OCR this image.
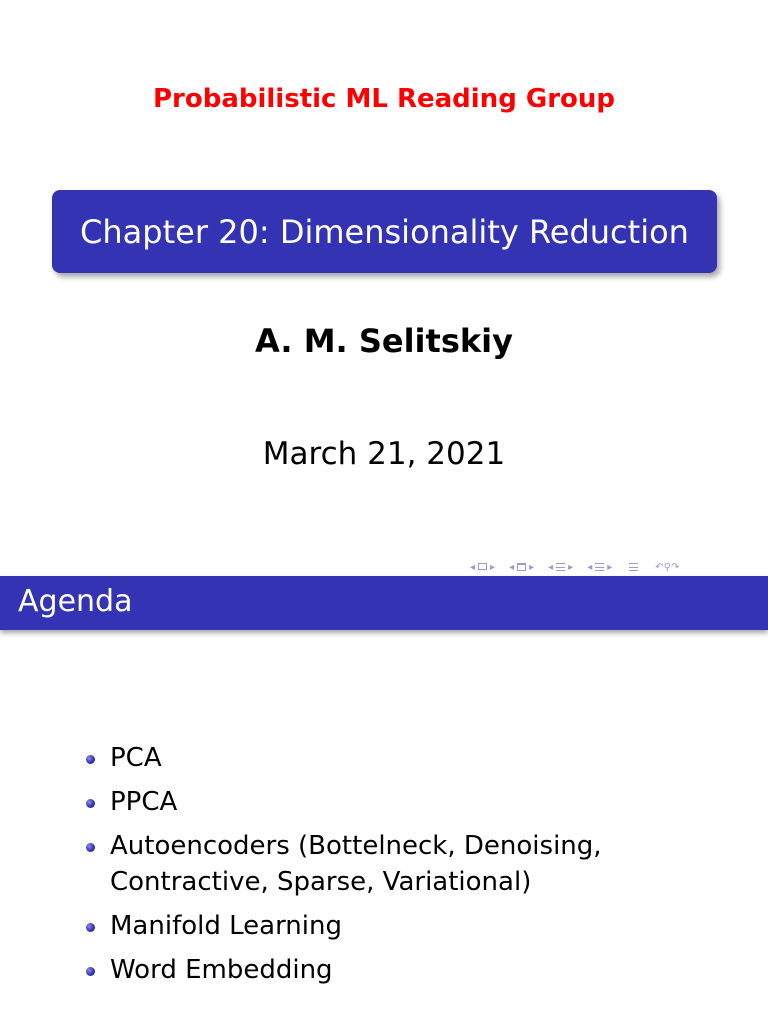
Probabilistic ML Reading Group
Chapter 20: Dimensionality Reduction
A. M. Selitskiy
March 21, 2021
◂ ▸ ◂ ▸ ◂ ▸ ◂ ▸	↶⚲↷
Agenda
PCA
PPCA
Autoencoders (Bottelneck, Denoising, Contractive, Sparse, Variational)
Manifold Learning
Word Embedding
